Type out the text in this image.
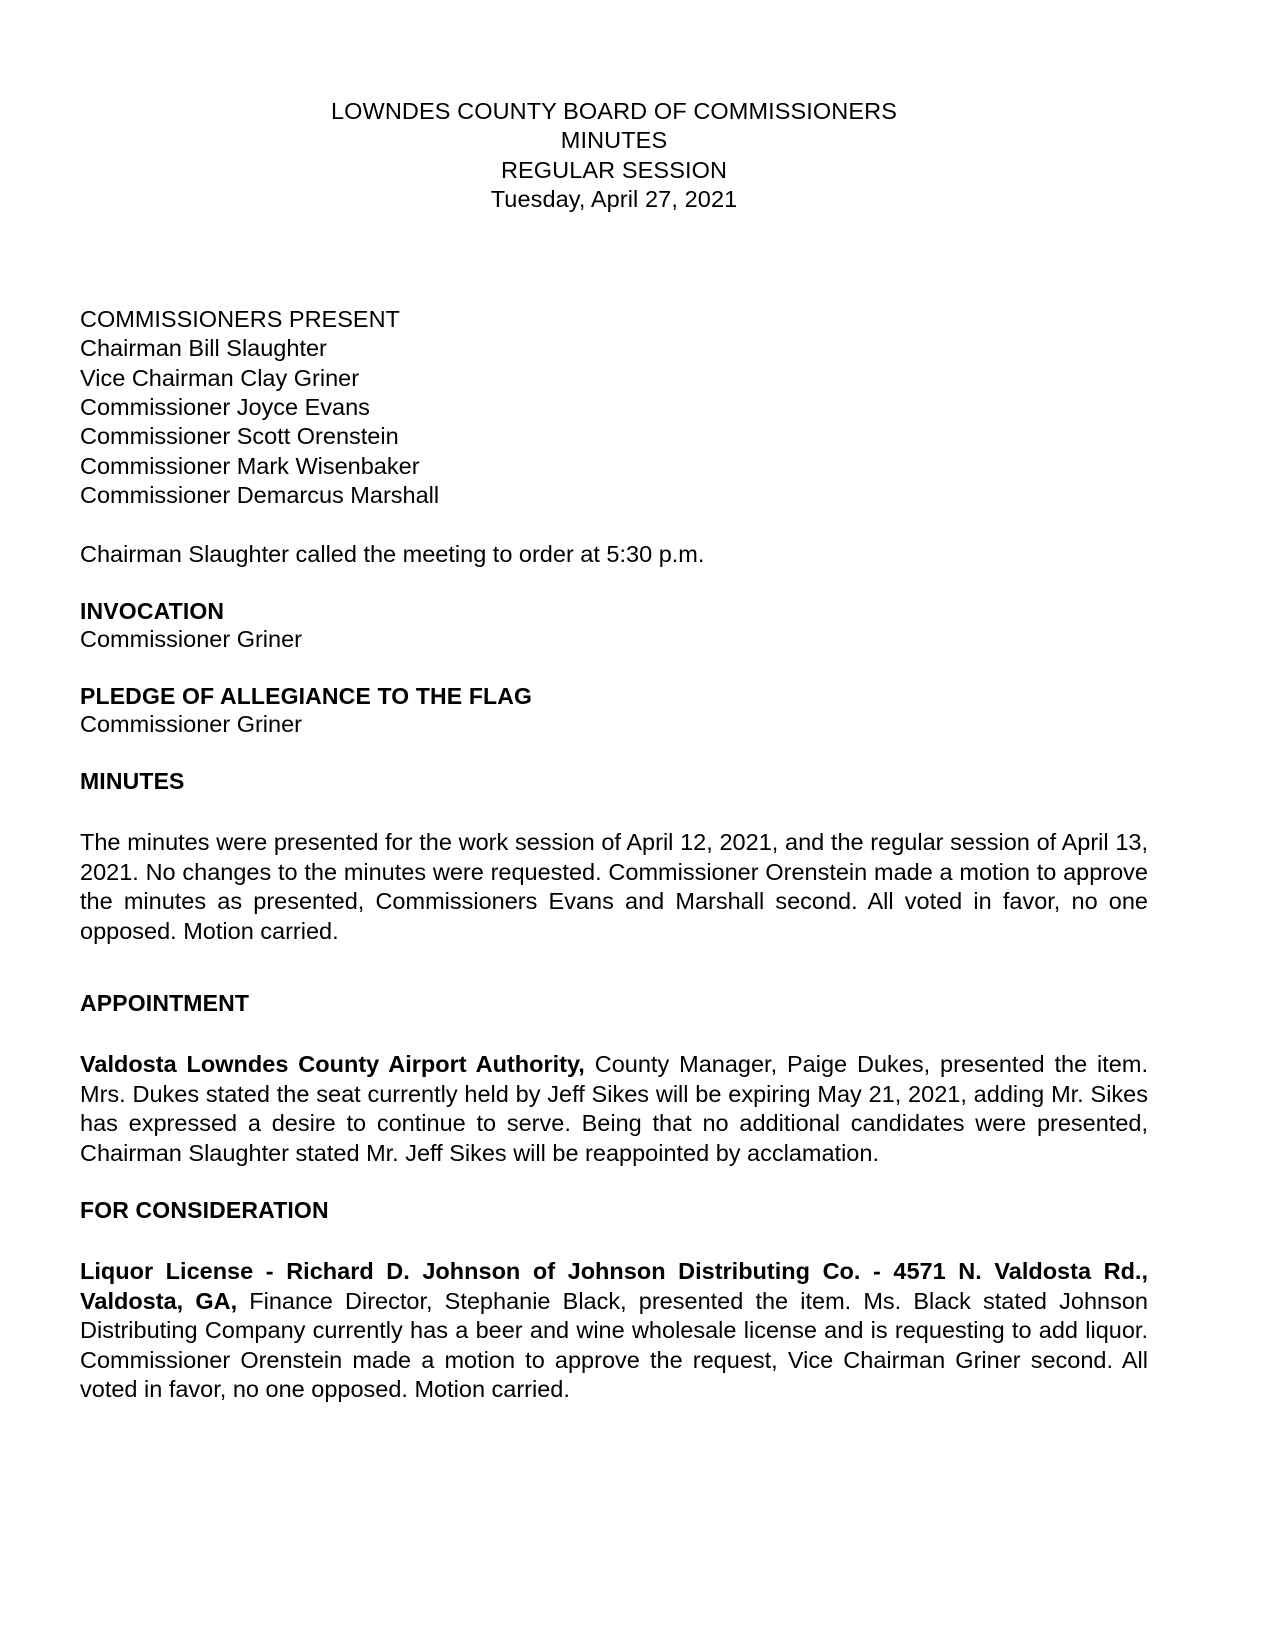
LOWNDES COUNTY BOARD OF COMMISSIONERS
MINUTES
REGULAR SESSION
Tuesday, April 27, 2021
COMMISSIONERS PRESENT
Chairman Bill Slaughter
Vice Chairman Clay Griner
Commissioner Joyce Evans
Commissioner Scott Orenstein
Commissioner Mark Wisenbaker
Commissioner Demarcus Marshall
Chairman Slaughter called the meeting to order at 5:30 p.m.
INVOCATION
Commissioner Griner
PLEDGE OF ALLEGIANCE TO THE FLAG
Commissioner Griner
MINUTES
The minutes were presented for the work session of April 12, 2021, and the regular session of April 13, 2021. No changes to the minutes were requested. Commissioner Orenstein made a motion to approve the minutes as presented, Commissioners Evans and Marshall second. All voted in favor, no one opposed. Motion carried.
APPOINTMENT
Valdosta Lowndes County Airport Authority, County Manager, Paige Dukes, presented the item. Mrs. Dukes stated the seat currently held by Jeff Sikes will be expiring May 21, 2021, adding Mr. Sikes has expressed a desire to continue to serve. Being that no additional candidates were presented, Chairman Slaughter stated Mr. Jeff Sikes will be reappointed by acclamation.
FOR CONSIDERATION
Liquor License - Richard D. Johnson of Johnson Distributing Co. - 4571 N. Valdosta Rd., Valdosta, GA, Finance Director, Stephanie Black, presented the item. Ms. Black stated Johnson Distributing Company currently has a beer and wine wholesale license and is requesting to add liquor. Commissioner Orenstein made a motion to approve the request, Vice Chairman Griner second. All voted in favor, no one opposed. Motion carried.
